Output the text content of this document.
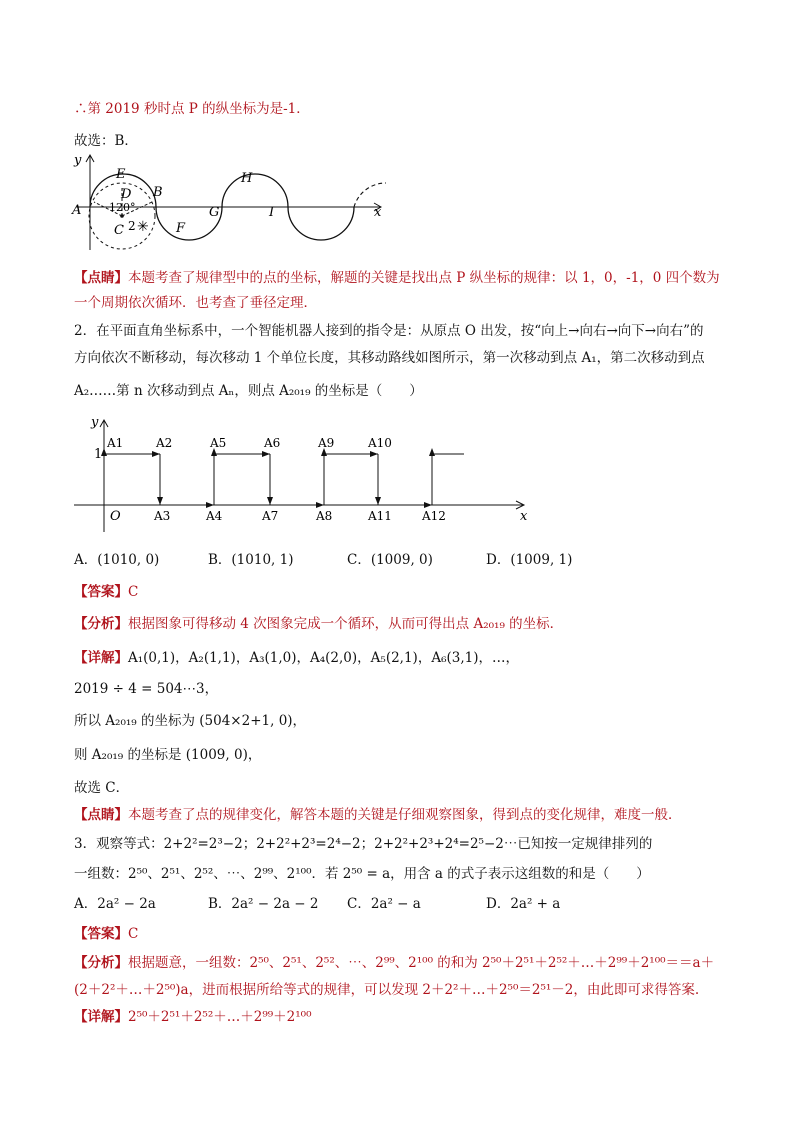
∴第 2019 秒时点 P 的纵坐标为是-1．
故选：B．
y
E
D B
H
A	120°	G	I	x
C 2 ✳ F
【点睛】本题考查了规律型中的点的坐标，解题的关键是找出点 P 纵坐标的规律：以 1，0，-1，0 四个数为
一个周期依次循环．也考查了垂径定理．
2．在平面直角坐标系中，一个智能机器人接到的指令是：从原点 O 出发，按“向上→向右→向下→向右”的
方向依次不断移动，每次移动 1 个单位长度，其移动路线如图所示，第一次移动到点 A₁，第二次移动到点
A₂……第 n 次移动到点 Aₙ，则点 A₂₀₁₉ 的坐标是（　　）
y
x
O
1
A1	A2	A5	A6	A9	A10
A3	A4	A7	A8	A11	A12
A．(1010, 0)	B．(1010, 1)	C．(1009, 0)	D．(1009, 1)
【答案】C
【分析】根据图象可得移动 4 次图象完成一个循环，从而可得出点 A₂₀₁₉ 的坐标．
【详解】A₁(0,1)，A₂(1,1)，A₃(1,0)，A₄(2,0)，A₅(2,1)，A₆(3,1)，…，
2019 ÷ 4 = 504⋯3，
所以 A₂₀₁₉ 的坐标为 (504×2+1, 0)，
则 A₂₀₁₉ 的坐标是 (1009, 0)，
故选 C．
【点睛】本题考查了点的规律变化，解答本题的关键是仔细观察图象，得到点的变化规律，难度一般．
3．观察等式：2+2²=2³−2；2+2²+2³=2⁴−2；2+2²+2³+2⁴=2⁵−2⋯已知按一定规律排列的
一组数：2⁵⁰、2⁵¹、2⁵²、⋯、2⁹⁹、2¹⁰⁰．若 2⁵⁰ = a，用含 a 的式子表示这组数的和是（　　）
A．2a² − 2a	B．2a² − 2a − 2 C．2a² − a	D．2a² + a
【答案】C
【分析】根据题意，一组数：2⁵⁰、2⁵¹、2⁵²、⋯、2⁹⁹、2¹⁰⁰ 的和为 2⁵⁰＋2⁵¹＋2⁵²＋…＋2⁹⁹＋2¹⁰⁰＝＝a＋
(2＋2²＋…＋2⁵⁰)a，进而根据所给等式的规律，可以发现 2＋2²＋…＋2⁵⁰＝2⁵¹－2，由此即可求得答案.
【详解】2⁵⁰＋2⁵¹＋2⁵²＋…＋2⁹⁹＋2¹⁰⁰
